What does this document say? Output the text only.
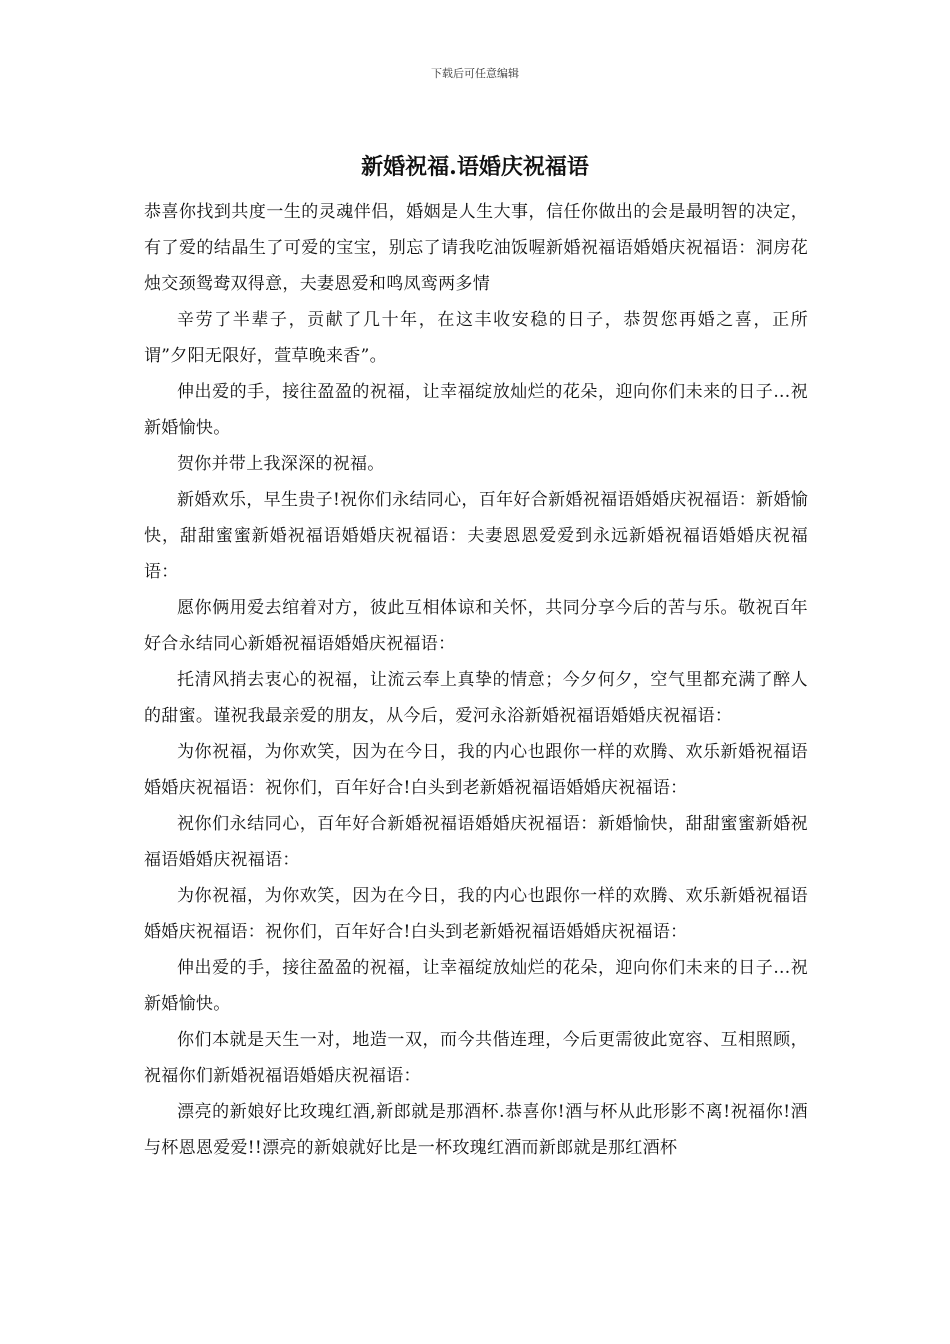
下载后可任意编辑
新婚祝福.语婚庆祝福语

恭喜你找到共度一生的灵魂伴侣，婚姻是人生大事，信任你做出的会是最明智的决定，有了爱的结晶生了可爱的宝宝，别忘了请我吃油饭喔新婚祝福语婚婚庆祝福语：洞房花烛交颈鸳鸯双得意，夫妻恩爱和鸣凤鸾两多情

辛劳了半辈子，贡献了几十年，在这丰收安稳的日子，恭贺您再婚之喜，正所谓”夕阳无限好，萱草晚来香”。

伸出爱的手，接往盈盈的祝福，让幸福绽放灿烂的花朵，迎向你们未来的日子...祝新婚愉快。

贺你并带上我深深的祝福。

新婚欢乐，早生贵子!祝你们永结同心，百年好合新婚祝福语婚婚庆祝福语：新婚愉快，甜甜蜜蜜新婚祝福语婚婚庆祝福语：夫妻恩恩爱爱到永远新婚祝福语婚婚庆祝福语：

愿你俩用爱去绾着对方，彼此互相体谅和关怀，共同分享今后的苦与乐。敬祝百年好合永结同心新婚祝福语婚婚庆祝福语：

托清风捎去衷心的祝福，让流云奉上真挚的情意；今夕何夕，空气里都充满了醉人的甜蜜。谨祝我最亲爱的朋友，从今后，爱河永浴新婚祝福语婚婚庆祝福语：

为你祝福，为你欢笑，因为在今日，我的内心也跟你一样的欢腾、欢乐新婚祝福语婚婚庆祝福语：祝你们，百年好合!白头到老新婚祝福语婚婚庆祝福语：

祝你们永结同心，百年好合新婚祝福语婚婚庆祝福语：新婚愉快，甜甜蜜蜜新婚祝福语婚婚庆祝福语：

为你祝福，为你欢笑，因为在今日，我的内心也跟你一样的欢腾、欢乐新婚祝福语婚婚庆祝福语：祝你们，百年好合!白头到老新婚祝福语婚婚庆祝福语：

伸出爱的手，接往盈盈的祝福，让幸福绽放灿烂的花朵，迎向你们未来的日子...祝新婚愉快。

你们本就是天生一对，地造一双，而今共偕连理，今后更需彼此宽容、互相照顾，祝福你们新婚祝福语婚婚庆祝福语：

漂亮的新娘好比玫瑰红酒,新郎就是那酒杯.恭喜你!酒与杯从此形影不离!祝福你!酒与杯恩恩爱爱!!漂亮的新娘就好比是一杯玫瑰红酒而新郎就是那红酒杯
